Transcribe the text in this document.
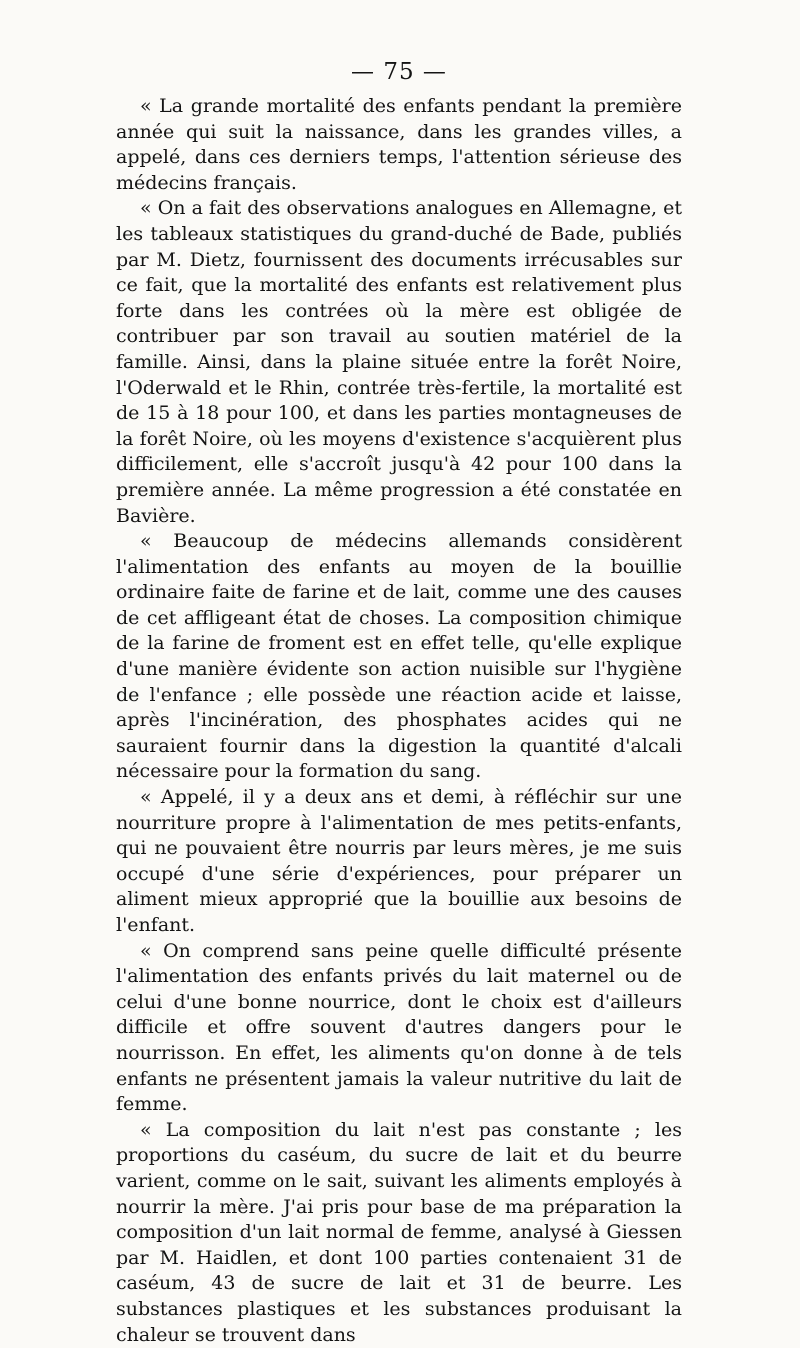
— 75 —

« La grande mortalité des enfants pendant la première année qui suit la naissance, dans les grandes villes, a appelé, dans ces derniers temps, l'attention sérieuse des médecins français.

« On a fait des observations analogues en Allemagne, et les tableaux statistiques du grand-duché de Bade, publiés par M. Dietz, fournissent des documents irrécusables sur ce fait, que la mortalité des enfants est relativement plus forte dans les contrées où la mère est obligée de contribuer par son travail au soutien matériel de la famille. Ainsi, dans la plaine située entre la forêt Noire, l'Oderwald et le Rhin, contrée très-fertile, la mortalité est de 15 à 18 pour 100, et dans les parties montagneuses de la forêt Noire, où les moyens d'existence s'acquièrent plus difficilement, elle s'accroît jusqu'à 42 pour 100 dans la première année. La même progression a été constatée en Bavière.

« Beaucoup de médecins allemands considèrent l'alimentation des enfants au moyen de la bouillie ordinaire faite de farine et de lait, comme une des causes de cet affligeant état de choses. La composition chimique de la farine de froment est en effet telle, qu'elle explique d'une manière évidente son action nuisible sur l'hygiène de l'enfance ; elle possède une réaction acide et laisse, après l'incinération, des phosphates acides qui ne sauraient fournir dans la digestion la quantité d'alcali nécessaire pour la formation du sang.

« Appelé, il y a deux ans et demi, à réfléchir sur une nourriture propre à l'alimentation de mes petits-enfants, qui ne pouvaient être nourris par leurs mères, je me suis occupé d'une série d'expériences, pour préparer un aliment mieux approprié que la bouillie aux besoins de l'enfant.

« On comprend sans peine quelle difficulté présente l'alimentation des enfants privés du lait maternel ou de celui d'une bonne nourrice, dont le choix est d'ailleurs difficile et offre souvent d'autres dangers pour le nourrisson. En effet, les aliments qu'on donne à de tels enfants ne présentent jamais la valeur nutritive du lait de femme.

« La composition du lait n'est pas constante ; les proportions du caséum, du sucre de lait et du beurre varient, comme on le sait, suivant les aliments employés à nourrir la mère. J'ai pris pour base de ma préparation la composition d'un lait normal de femme, analysé à Giessen par M. Haidlen, et dont 100 parties contenaient 31 de caséum, 43 de sucre de lait et 31 de beurre. Les substances plastiques et les substances produisant la chaleur se trouvent dans
